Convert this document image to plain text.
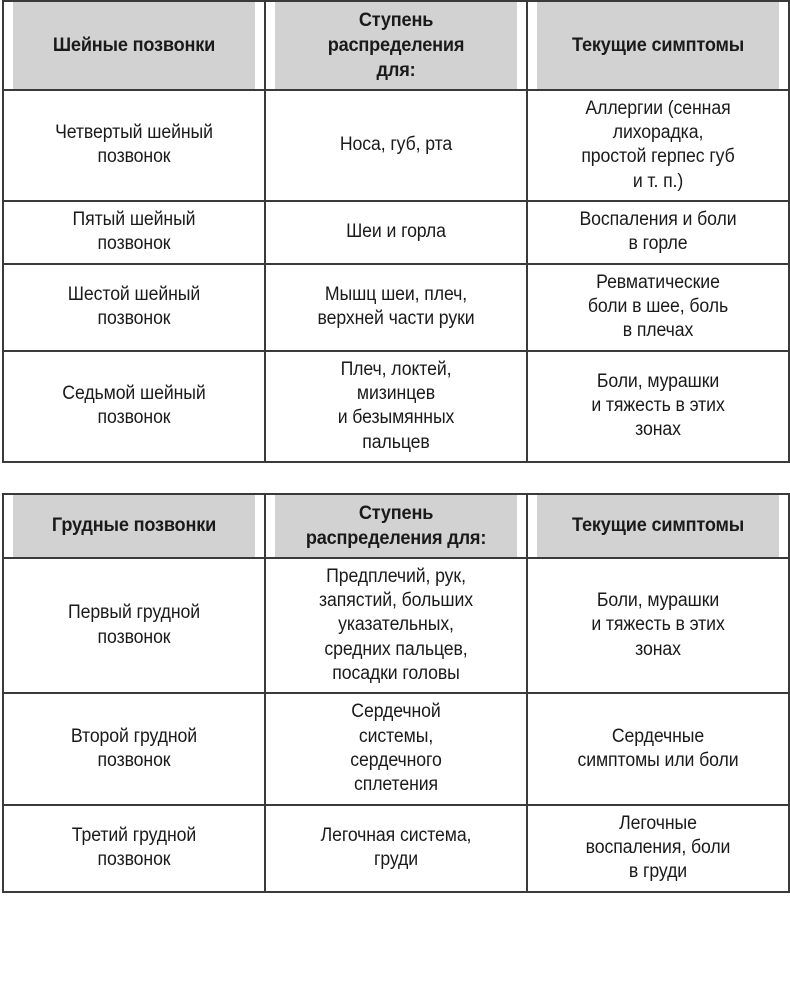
Шейные позвонки	Ступень
распределения
для:	Текущие симптомы

Четвертый шейный
позвонок	Носа, губ, рта	Аллергии (сенная
лихорадка,
простой герпес губ
и т. п.)

Пятый шейный
позвонок	Шеи и горла	Воспаления и боли
в горле

Шестой шейный
позвонок	Мышц шеи, плеч,
верхней части руки	Ревматические
боли в шее, боль
в плечах

Седьмой шейный
позвонок	Плеч, локтей,
мизинцев
и безымянных
пальцев	Боли, мурашки
и тяжесть в этих
зонах
Грудные позвонки	Ступень
распределения для:	Текущие симптомы

Первый грудной
позвонок	Предплечий, рук,
запястий, больших
указательных,
средних пальцев,
посадки головы	Боли, мурашки
и тяжесть в этих
зонах

Второй грудной
позвонок	Сердечной
системы,
сердечного
сплетения	Сердечные
симптомы или боли

Третий грудной
позвонок	Легочная система,
груди	Легочные
воспаления, боли
в груди
